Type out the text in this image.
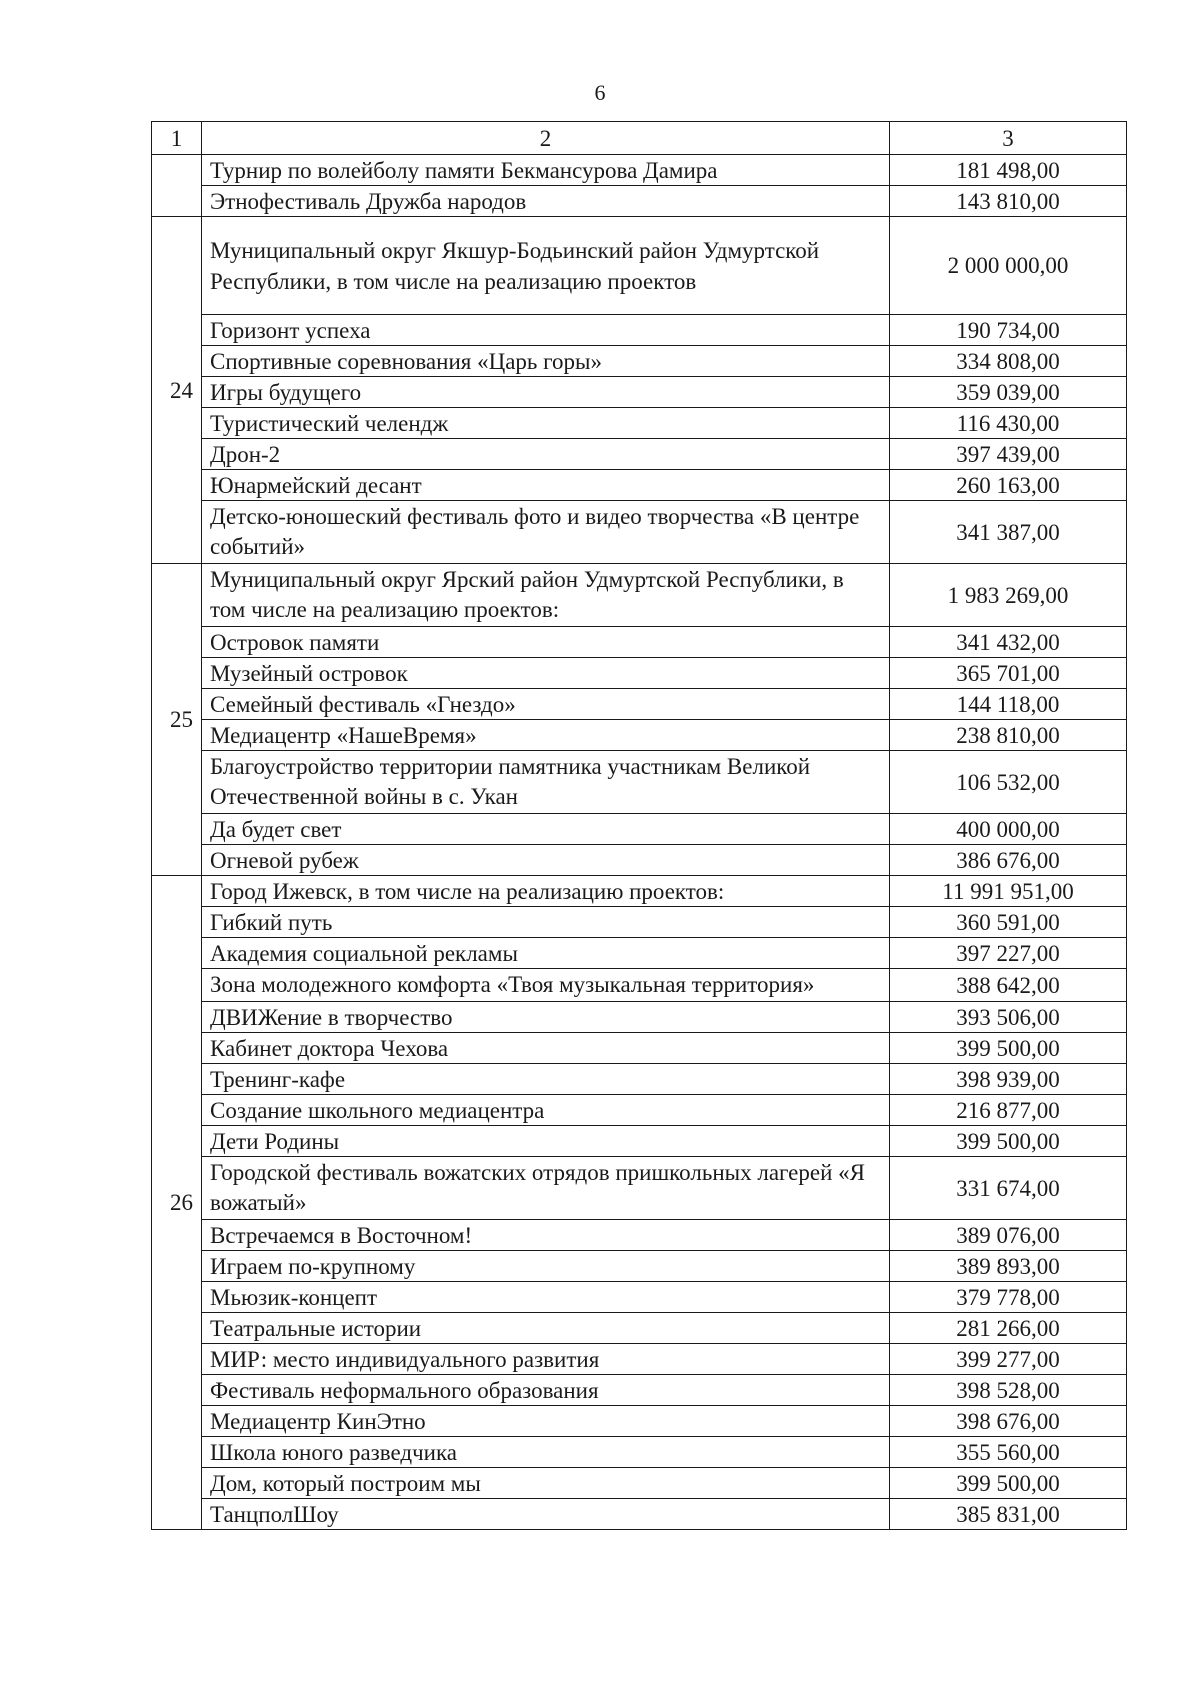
6
1	2	3
	Турнир по волейболу памяти Бекмансурова Дамира	181 498,00
	Этнофестиваль Дружба народов	143 810,00
24	Муниципальный округ Якшур-Бодьинский район Удмуртской Республики, в том числе на реализацию проектов	2 000 000,00
	Горизонт успеха	190 734,00
	Спортивные соревнования «Царь горы»	334 808,00
	Игры будущего	359 039,00
	Туристический челендж	116 430,00
	Дрон-2	397 439,00
	Юнармейский десант	260 163,00
	Детско-юношеский фестиваль фото и видео творчества «В центре событий»	341 387,00
25	Муниципальный округ Ярский район Удмуртской Республики, в том числе на реализацию проектов:	1 983 269,00
	Островок памяти	341 432,00
	Музейный островок	365 701,00
	Семейный фестиваль «Гнездо»	144 118,00
	Медиацентр «НашеВремя»	238 810,00
	Благоустройство территории памятника участникам Великой Отечественной войны в с. Укан	106 532,00
	Да будет свет	400 000,00
	Огневой рубеж	386 676,00
26	Город Ижевск, в том числе на реализацию проектов:	11 991 951,00
	Гибкий путь	360 591,00
	Академия социальной рекламы	397 227,00
	Зона молодежного комфорта «Твоя музыкальная территория»	388 642,00
	ДВИЖение в творчество	393 506,00
	Кабинет доктора Чехова	399 500,00
	Тренинг-кафе	398 939,00
	Создание школьного медиацентра	216 877,00
	Дети Родины	399 500,00
	Городской фестиваль вожатских отрядов пришкольных лагерей «Я вожатый»	331 674,00
	Встречаемся в Восточном!	389 076,00
	Играем по-крупному	389 893,00
	Мьюзик-концепт	379 778,00
	Театральные истории	281 266,00
	МИР: место индивидуального развития	399 277,00
	Фестиваль неформального образования	398 528,00
	Медиацентр КинЭтно	398 676,00
	Школа юного разведчика	355 560,00
	Дом, который построим мы	399 500,00
	ТанцполШоу	385 831,00
